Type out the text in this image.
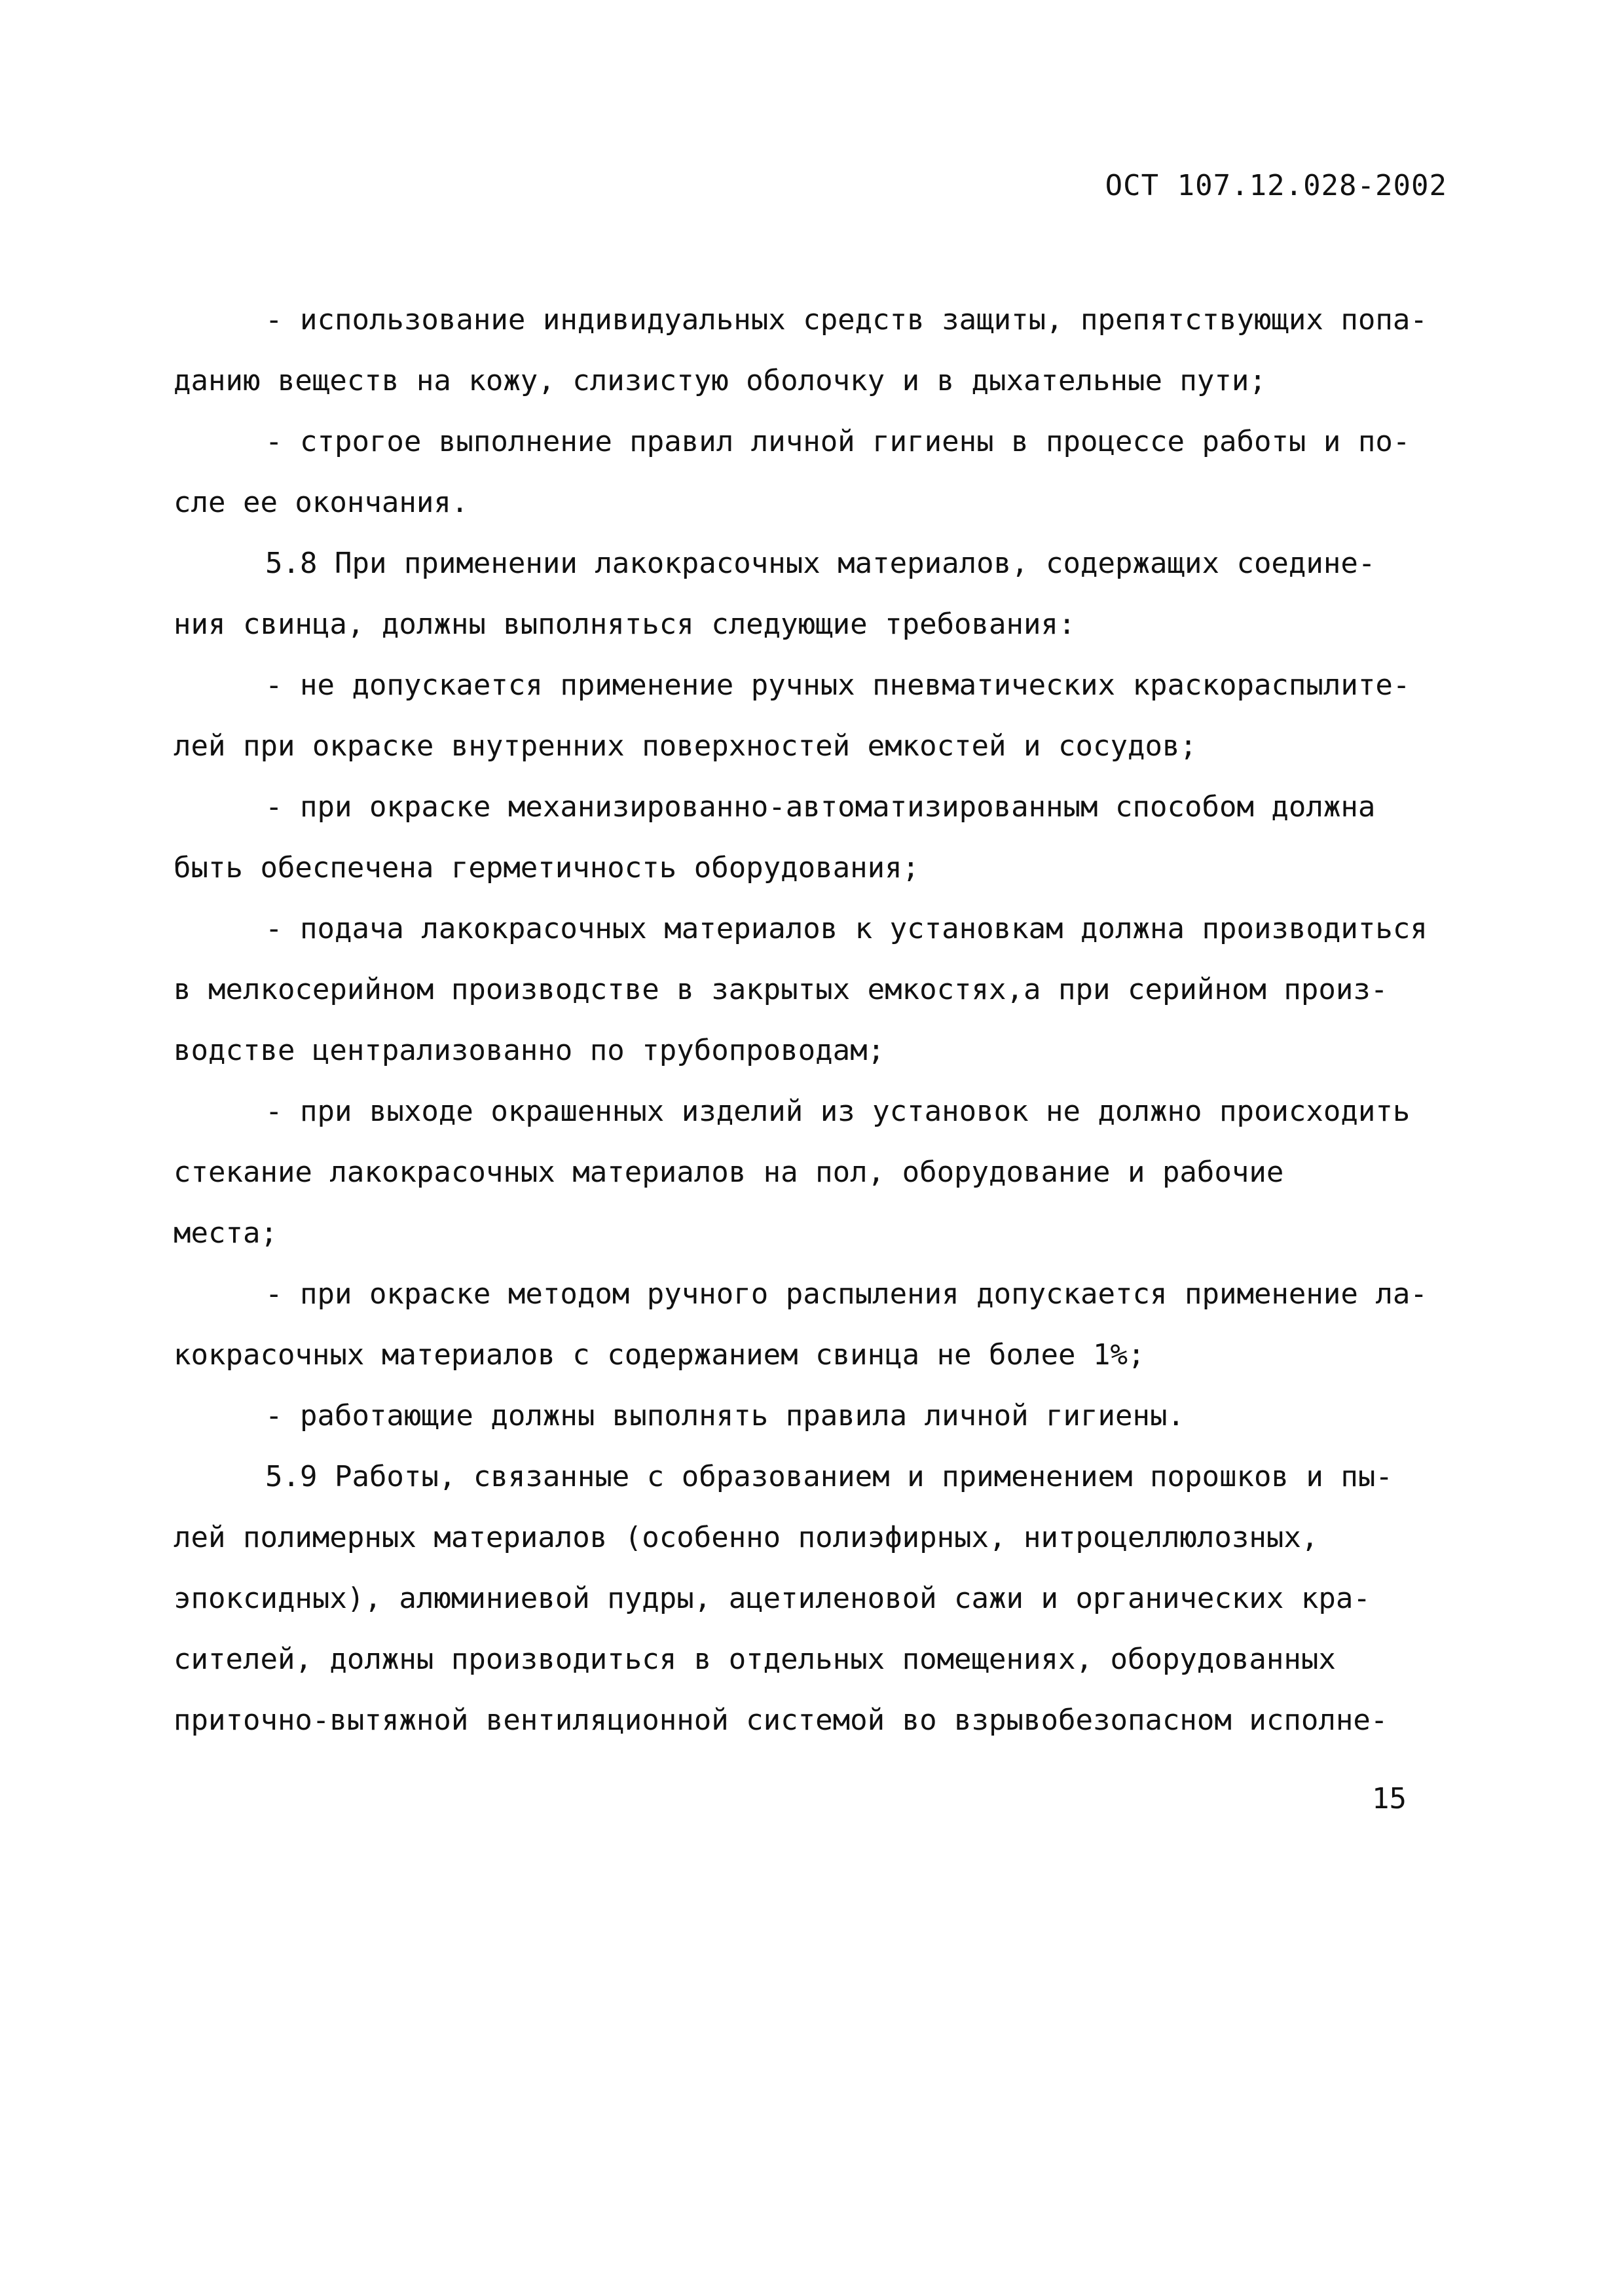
ОСТ 107.12.028-2002
- использование индивидуальных средств защиты, препятствующих попа-
данию веществ на кожу, слизистую оболочку и в дыхательные пути;
- строгое выполнение правил личной гигиены в процессе работы и по-
сле ее окончания.
5.8 При применении лакокрасочных материалов, содержащих соедине-
ния свинца, должны выполняться следующие требования:
- не допускается применение ручных пневматических краскораспылите-
лей при окраске внутренних поверхностей емкостей и сосудов;
- при окраске механизированно-автоматизированным способом должна
быть обеспечена герметичность оборудования;
- подача лакокрасочных материалов к установкам должна производиться
в мелкосерийном производстве в закрытых емкостях,а при серийном произ-
водстве централизованно по трубопроводам;
- при выходе окрашенных изделий из установок не должно происходить
стекание лакокрасочных материалов на пол, оборудование и рабочие
места;
- при окраске методом ручного распыления допускается применение ла-
кокрасочных материалов с содержанием свинца не более 1%;
- работающие должны выполнять правила личной гигиены.
5.9 Работы, связанные с образованием и применением порошков и пы-
лей полимерных материалов (особенно полиэфирных, нитроцеллюлозных,
эпоксидных), алюминиевой пудры, ацетиленовой сажи и органических кра-
сителей, должны производиться в отдельных помещениях, оборудованных
приточно-вытяжной вентиляционной системой во взрывобезопасном исполне-
15
